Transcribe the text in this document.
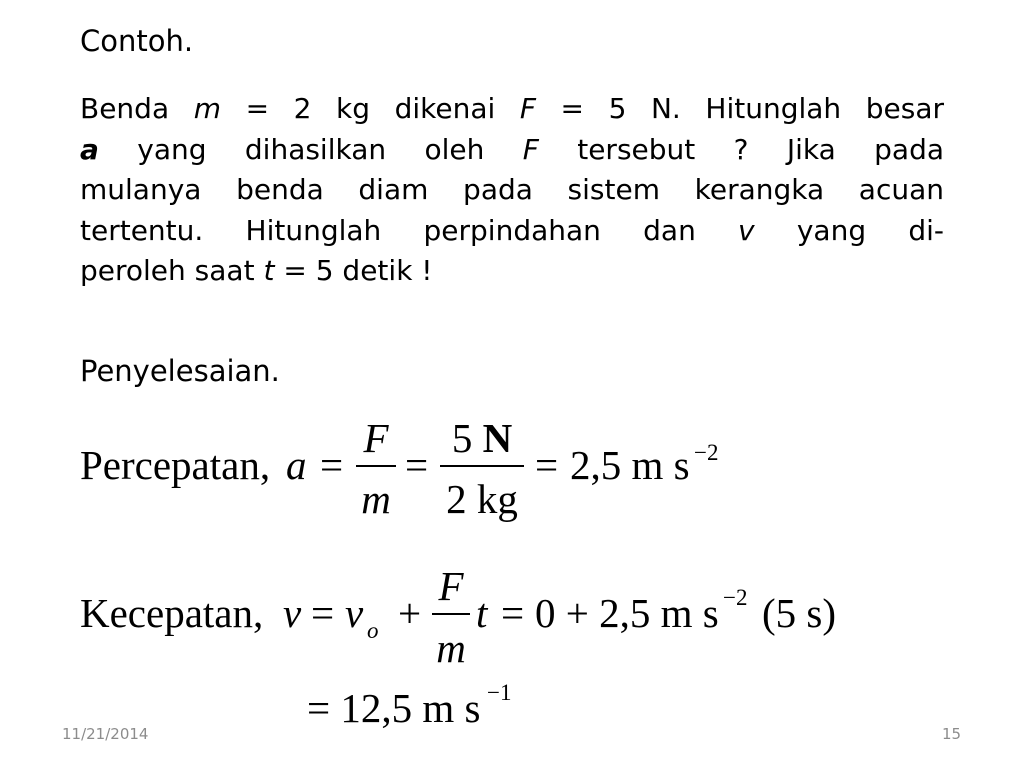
Contoh.
Benda m = 2 kg dikenai F = 5 N. Hitunglah besar
a yang dihasilkan oleh F tersebut ? Jika pada
mulanya benda diam pada sistem kerangka acuan
tertentu. Hitunglah perpindahan dan v yang di-
peroleh saat t = 5 detik !
Penyelesaian.
Percepatan, a =
F
m
=
5 N
2 kg
= 2,5 m s −2
Kecepatan, v = v o +
F
m
t = 0 + 2,5 m s −2 (5 s)
= 12,5 m s −1
11/21/2014	15
